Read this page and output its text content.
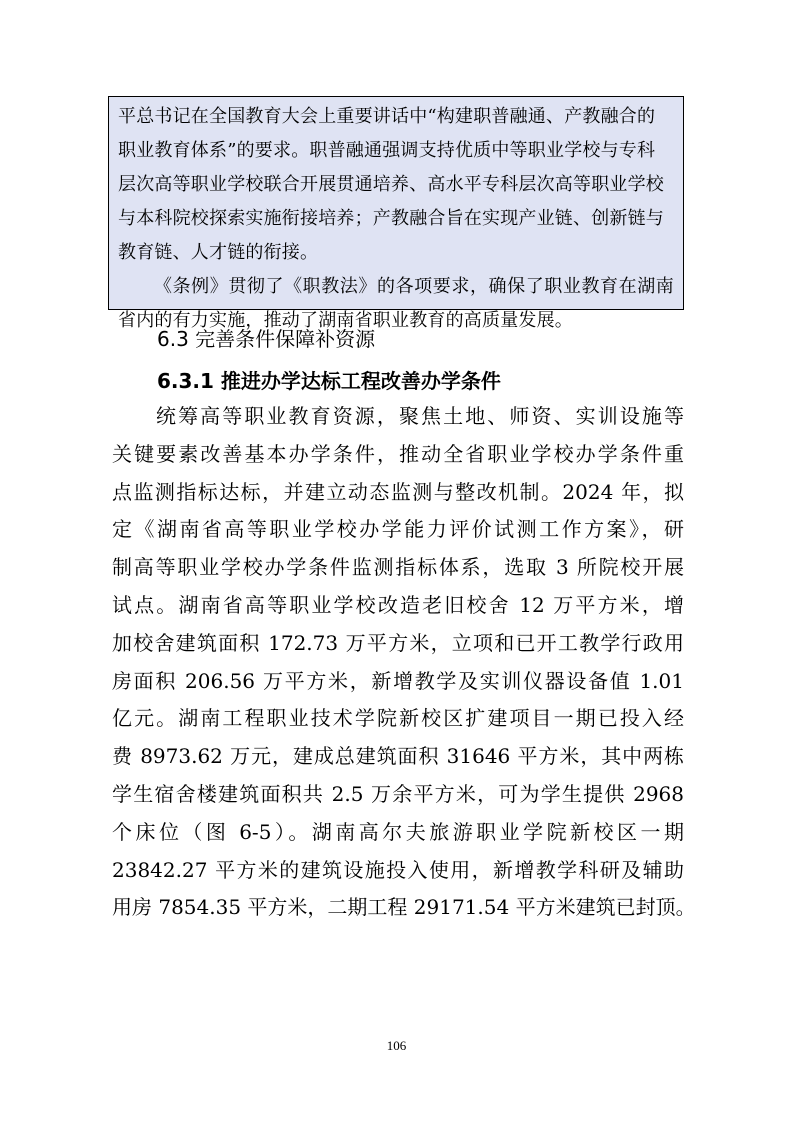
平总书记在全国教育大会上重要讲话中“构建职普融通、产教融合的

职业教育体系”的要求。职普融通强调支持优质中等职业学校与专科

层次高等职业学校联合开展贯通培养、高水平专科层次高等职业学校

与本科院校探索实施衔接培养；产教融合旨在实现产业链、创新链与

教育链、人才链的衔接。

《条例》贯彻了《职教法》的各项要求，确保了职业教育在湖南省内的有力实施，推动了湖南省职业教育的高质量发展。

6.3 完善条件保障补资源
6.3.1 推进办学达标工程改善办学条件
统筹高等职业教育资源，聚焦土地、师资、实训设施等
关键要素改善基本办学条件，推动全省职业学校办学条件重
点监测指标达标，并建立动态监测与整改机制。2024 年，拟
定《湖南省高等职业学校办学能力评价试测工作方案》，研
制高等职业学校办学条件监测指标体系，选取 3 所院校开展
试点。湖南省高等职业学校改造老旧校舍 12 万平方米，增
加校舍建筑面积 172.73 万平方米，立项和已开工教学行政用
房面积 206.56 万平方米，新增教学及实训仪器设备值 1.01
亿元。湖南工程职业技术学院新校区扩建项目一期已投入经
费 8973.62 万元，建成总建筑面积 31646 平方米，其中两栋
学生宿舍楼建筑面积共 2.5 万余平方米，可为学生提供 2968
个床位（图 6-5）。湖南高尔夫旅游职业学院新校区一期
23842.27 平方米的建筑设施投入使用，新增教学科研及辅助
用房 7854.35 平方米，二期工程 29171.54 平方米建筑已封顶。
106
